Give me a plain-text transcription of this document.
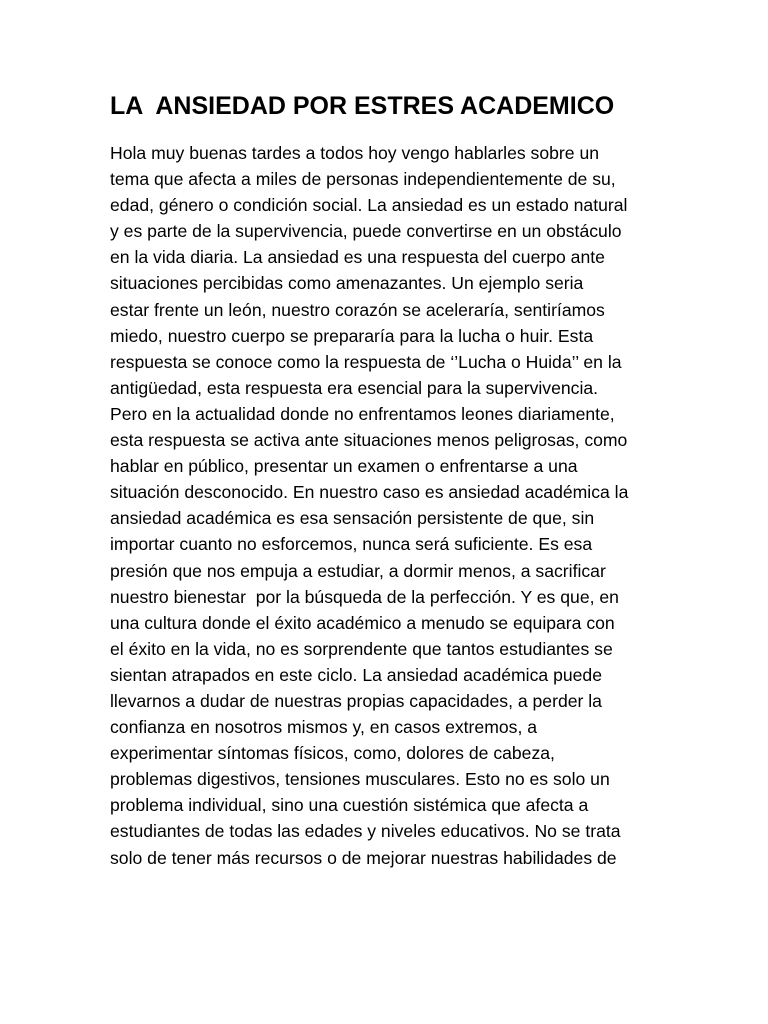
LA  ANSIEDAD POR ESTRES ACADEMICO
Hola muy buenas tardes a todos hoy vengo hablarles sobre un
tema que afecta a miles de personas independientemente de su,
edad, género o condición social. La ansiedad es un estado natural
y es parte de la supervivencia, puede convertirse en un obstáculo
en la vida diaria. La ansiedad es una respuesta del cuerpo ante
situaciones percibidas como amenazantes. Un ejemplo seria
estar frente un león, nuestro corazón se aceleraría, sentiríamos
miedo, nuestro cuerpo se prepararía para la lucha o huir. Esta
respuesta se conoce como la respuesta de ‘’Lucha o Huida’’ en la
antigüedad, esta respuesta era esencial para la supervivencia.
Pero en la actualidad donde no enfrentamos leones diariamente,
esta respuesta se activa ante situaciones menos peligrosas, como
hablar en público, presentar un examen o enfrentarse a una
situación desconocido. En nuestro caso es ansiedad académica la
ansiedad académica es esa sensación persistente de que, sin
importar cuanto no esforcemos, nunca será suficiente. Es esa
presión que nos empuja a estudiar, a dormir menos, a sacrificar
nuestro bienestar  por la búsqueda de la perfección. Y es que, en
una cultura donde el éxito académico a menudo se equipara con
el éxito en la vida, no es sorprendente que tantos estudiantes se
sientan atrapados en este ciclo. La ansiedad académica puede
llevarnos a dudar de nuestras propias capacidades, a perder la
confianza en nosotros mismos y, en casos extremos, a
experimentar síntomas físicos, como, dolores de cabeza,
problemas digestivos, tensiones musculares. Esto no es solo un
problema individual, sino una cuestión sistémica que afecta a
estudiantes de todas las edades y niveles educativos. No se trata
solo de tener más recursos o de mejorar nuestras habilidades de
